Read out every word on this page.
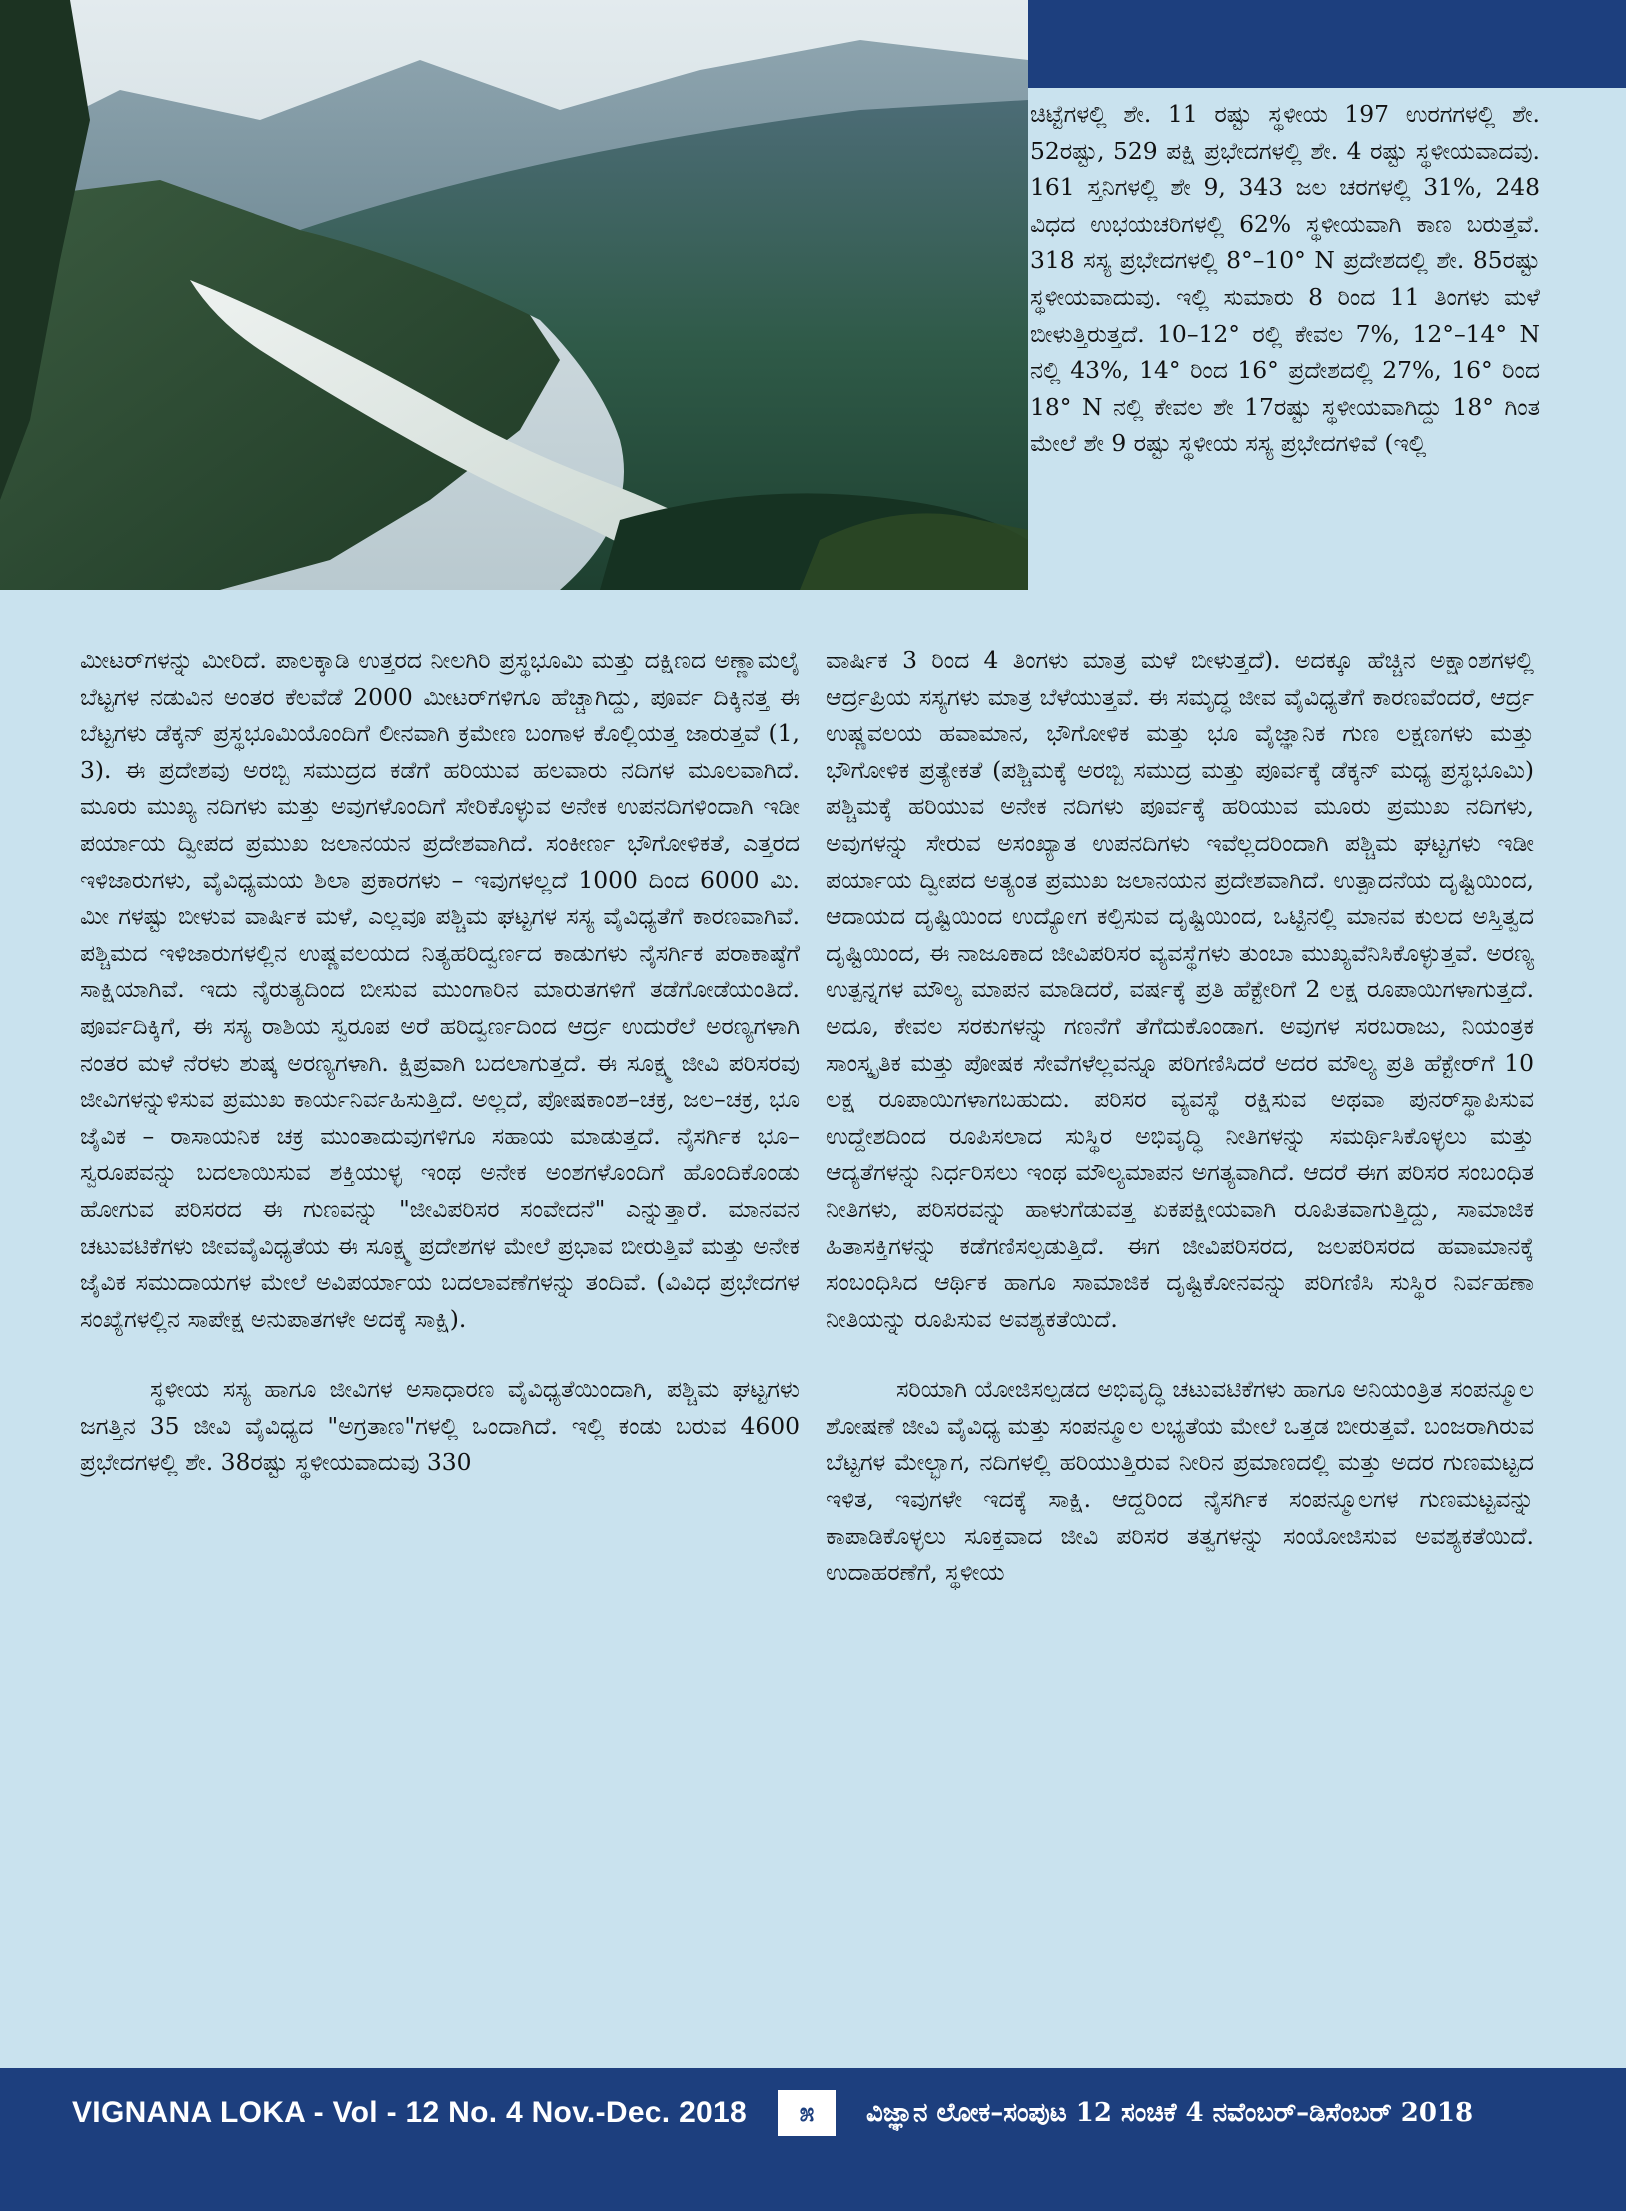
ಚಿಟ್ಟೆಗಳಲ್ಲಿ ಶೇ. 11 ರಷ್ಟು ಸ್ಥಳೀಯ 197 ಉರಗಗಳಲ್ಲಿ ಶೇ. 52ರಷ್ಟು, 529 ಪಕ್ಷಿ ಪ್ರಭೇದಗಳಲ್ಲಿ ಶೇ. 4 ರಷ್ಟು ಸ್ಥಳೀಯವಾದವು. 161 ಸ್ತನಿಗಳಲ್ಲಿ ಶೇ 9, 343 ಜಲ ಚರಗಳಲ್ಲಿ 31%, 248 ವಿಧದ ಉಭಯಚರಿಗಳಲ್ಲಿ 62% ಸ್ಥಳೀಯವಾಗಿ ಕಾಣ ಬರುತ್ತವೆ. 318 ಸಸ್ಯ ಪ್ರಭೇದಗಳಲ್ಲಿ 8°–10° N ಪ್ರದೇಶದಲ್ಲಿ ಶೇ. 85ರಷ್ಟು ಸ್ಥಳೀಯವಾದುವು. ಇಲ್ಲಿ ಸುಮಾರು 8 ರಿಂದ 11 ತಿಂಗಳು ಮಳೆ ಬೀಳುತ್ತಿರುತ್ತದೆ. 10–12° ರಲ್ಲಿ ಕೇವಲ 7%, 12°–14° N ನಲ್ಲಿ 43%, 14° ರಿಂದ 16° ಪ್ರದೇಶದಲ್ಲಿ 27%, 16° ರಿಂದ 18° N ನಲ್ಲಿ ಕೇವಲ ಶೇ 17ರಷ್ಟು ಸ್ಥಳೀಯವಾಗಿದ್ದು 18° ಗಿಂತ ಮೇಲೆ ಶೇ 9 ರಷ್ಟು ಸ್ಥಳೀಯ ಸಸ್ಯ ಪ್ರಭೇದಗಳಿವೆ (ಇಲ್ಲಿ

ಮೀಟರ್‌ಗಳನ್ನು ಮೀರಿದೆ. ಪಾಲಕ್ಕಾಡಿ ಉತ್ತರದ ನೀಲಗಿರಿ ಪ್ರಸ್ಥಭೂಮಿ ಮತ್ತು ದಕ್ಷಿಣದ ಅಣ್ಣಾಮಲೈ ಬೆಟ್ಟಗಳ ನಡುವಿನ ಅಂತರ ಕೆಲವೆಡೆ 2000 ಮೀಟರ್‌ಗಳಿಗೂ ಹೆಚ್ಚಾಗಿದ್ದು, ಪೂರ್ವ ದಿಕ್ಕಿನತ್ತ ಈ ಬೆಟ್ಟಗಳು ಡೆಕ್ಕನ್ ಪ್ರಸ್ಥಭೂಮಿಯೊಂದಿಗೆ ಲೀನವಾಗಿ ಕ್ರಮೇಣ ಬಂಗಾಳ ಕೊಲ್ಲಿಯತ್ತ ಜಾರುತ್ತವೆ (1, 3). ಈ ಪ್ರದೇಶವು ಅರಬ್ಬಿ ಸಮುದ್ರದ ಕಡೆಗೆ ಹರಿಯುವ ಹಲವಾರು ನದಿಗಳ ಮೂಲವಾಗಿದೆ. ಮೂರು ಮುಖ್ಯ ನದಿಗಳು ಮತ್ತು ಅವುಗಳೊಂದಿಗೆ ಸೇರಿಕೊಳ್ಳುವ ಅನೇಕ ಉಪನದಿಗಳಿಂದಾಗಿ ಇಡೀ ಪರ್ಯಾಯ ದ್ವೀಪದ ಪ್ರಮುಖ ಜಲಾನಯನ ಪ್ರದೇಶವಾಗಿದೆ. ಸಂಕೀರ್ಣ ಭೌಗೋಳಿಕತೆ, ಎತ್ತರದ ಇಳಿಜಾರುಗಳು, ವೈವಿಧ್ಯಮಯ ಶಿಲಾ ಪ್ರಕಾರಗಳು – ಇವುಗಳಲ್ಲದೆ 1000 ದಿಂದ 6000 ಮಿ. ಮೀ ಗಳಷ್ಟು ಬೀಳುವ ವಾರ್ಷಿಕ ಮಳೆ, ಎಲ್ಲವೂ ಪಶ್ಚಿಮ ಘಟ್ಟಗಳ ಸಸ್ಯ ವೈವಿಧ್ಯತೆಗೆ ಕಾರಣವಾಗಿವೆ. ಪಶ್ಚಿಮದ ಇಳಿಜಾರುಗಳಲ್ಲಿನ ಉಷ್ಣವಲಯದ ನಿತ್ಯಹರಿದ್ವರ್ಣದ ಕಾಡುಗಳು ನೈಸರ್ಗಿಕ ಪರಾಕಾಷ್ಠೆಗೆ ಸಾಕ್ಷಿಯಾಗಿವೆ. ಇದು ನೈರುತ್ಯದಿಂದ ಬೀಸುವ ಮುಂಗಾರಿನ ಮಾರುತಗಳಿಗೆ ತಡೆಗೋಡೆಯಂತಿದೆ. ಪೂರ್ವದಿಕ್ಕಿಗೆ, ಈ ಸಸ್ಯ ರಾಶಿಯ ಸ್ವರೂಪ ಅರೆ ಹರಿದ್ವರ್ಣದಿಂದ ಆರ್ದ್ರ ಉದುರೆಲೆ ಅರಣ್ಯಗಳಾಗಿ ನಂತರ ಮಳೆ ನೆರಳು ಶುಷ್ಕ ಅರಣ್ಯಗಳಾಗಿ. ಕ್ಷಿಪ್ರವಾಗಿ ಬದಲಾಗುತ್ತದೆ. ಈ ಸೂಕ್ಷ್ಮ ಜೀವಿ ಪರಿಸರವು ಜೀವಿಗಳನ್ನುಳಿಸುವ ಪ್ರಮುಖ ಕಾರ್ಯನಿರ್ವಹಿಸುತ್ತಿದೆ. ಅಲ್ಲದೆ, ಪೋಷಕಾಂಶ–ಚಕ್ರ, ಜಲ–ಚಕ್ರ, ಭೂ ಜೈವಿಕ – ರಾಸಾಯನಿಕ ಚಕ್ರ ಮುಂತಾದುವುಗಳಿಗೂ ಸಹಾಯ ಮಾಡುತ್ತದೆ. ನೈಸರ್ಗಿಕ ಭೂ–ಸ್ವರೂಪವನ್ನು ಬದಲಾಯಿಸುವ ಶಕ್ತಿಯುಳ್ಳ ಇಂಥ ಅನೇಕ ಅಂಶಗಳೊಂದಿಗೆ ಹೊಂದಿಕೊಂಡು ಹೋಗುವ ಪರಿಸರದ ಈ ಗುಣವನ್ನು "ಜೀವಿಪರಿಸರ ಸಂವೇದನೆ" ಎನ್ನುತ್ತಾರೆ. ಮಾನವನ ಚಟುವಟಿಕೆಗಳು ಜೀವವೈವಿಧ್ಯತೆಯ ಈ ಸೂಕ್ಷ್ಮ ಪ್ರದೇಶಗಳ ಮೇಲೆ ಪ್ರಭಾವ ಬೀರುತ್ತಿವೆ ಮತ್ತು ಅನೇಕ ಜೈವಿಕ ಸಮುದಾಯಗಳ ಮೇಲೆ ಅವಿಪರ್ಯಾಯ ಬದಲಾವಣೆಗಳನ್ನು ತಂದಿವೆ. (ವಿವಿಧ ಪ್ರಭೇದಗಳ ಸಂಖ್ಯೆಗಳಲ್ಲಿನ ಸಾಪೇಕ್ಷ ಅನುಪಾತಗಳೇ ಅದಕ್ಕೆ ಸಾಕ್ಷಿ).

ಸ್ಥಳೀಯ ಸಸ್ಯ ಹಾಗೂ ಜೀವಿಗಳ ಅಸಾಧಾರಣ ವೈವಿಧ್ಯತೆಯಿಂದಾಗಿ, ಪಶ್ಚಿಮ ಘಟ್ಟಗಳು ಜಗತ್ತಿನ 35 ಜೀವಿ ವೈವಿಧ್ಯದ "ಅಗ್ರತಾಣ"ಗಳಲ್ಲಿ ಒಂದಾಗಿದೆ. ಇಲ್ಲಿ ಕಂಡು ಬರುವ 4600 ಪ್ರಭೇದಗಳಲ್ಲಿ ಶೇ. 38ರಷ್ಟು ಸ್ಥಳೀಯವಾದುವು 330

ವಾರ್ಷಿಕ 3 ರಿಂದ 4 ತಿಂಗಳು ಮಾತ್ರ ಮಳೆ ಬೀಳುತ್ತದೆ). ಅದಕ್ಕೂ ಹೆಚ್ಚಿನ ಅಕ್ಷಾಂಶಗಳಲ್ಲಿ ಆರ್ದ್ರಪ್ರಿಯ ಸಸ್ಯಗಳು ಮಾತ್ರ ಬೆಳೆಯುತ್ತವೆ. ಈ ಸಮೃದ್ಧ ಜೀವ ವೈವಿಧ್ಯತೆಗೆ ಕಾರಣವೆಂದರೆ, ಆರ್ದ್ರ ಉಷ್ಣವಲಯ ಹವಾಮಾನ, ಭೌಗೋಳಿಕ ಮತ್ತು ಭೂ ವೈಜ್ಞಾನಿಕ ಗುಣ ಲಕ್ಷಣಗಳು ಮತ್ತು ಭೌಗೋಳಿಕ ಪ್ರತ್ಯೇಕತೆ (ಪಶ್ಚಿಮಕ್ಕೆ ಅರಬ್ಬಿ ಸಮುದ್ರ ಮತ್ತು ಪೂರ್ವಕ್ಕೆ ಡೆಕ್ಕನ್ ಮಧ್ಯ ಪ್ರಸ್ಥಭೂಮಿ) ಪಶ್ಚಿಮಕ್ಕೆ ಹರಿಯುವ ಅನೇಕ ನದಿಗಳು ಪೂರ್ವಕ್ಕೆ ಹರಿಯುವ ಮೂರು ಪ್ರಮುಖ ನದಿಗಳು, ಅವುಗಳನ್ನು ಸೇರುವ ಅಸಂಖ್ಯಾತ ಉಪನದಿಗಳು ಇವೆಲ್ಲದರಿಂದಾಗಿ ಪಶ್ಚಿಮ ಘಟ್ಟಗಳು ಇಡೀ ಪರ್ಯಾಯ ದ್ವೀಪದ ಅತ್ಯಂತ ಪ್ರಮುಖ ಜಲಾನಯನ ಪ್ರದೇಶವಾಗಿದೆ. ಉತ್ಪಾದನೆಯ ದೃಷ್ಟಿಯಿಂದ, ಆದಾಯದ ದೃಷ್ಟಿಯಿಂದ ಉದ್ಯೋಗ ಕಲ್ಪಿಸುವ ದೃಷ್ಟಿಯಿಂದ, ಒಟ್ಟಿನಲ್ಲಿ ಮಾನವ ಕುಲದ ಅಸ್ತಿತ್ವದ ದೃಷ್ಟಿಯಿಂದ, ಈ ನಾಜೂಕಾದ ಜೀವಿಪರಿಸರ ವ್ಯವಸ್ಥೆಗಳು ತುಂಬಾ ಮುಖ್ಯವೆನಿಸಿಕೊಳ್ಳುತ್ತವೆ. ಅರಣ್ಯ ಉತ್ಪನ್ನಗಳ ಮೌಲ್ಯ ಮಾಪನ ಮಾಡಿದರೆ, ವರ್ಷಕ್ಕೆ ಪ್ರತಿ ಹೆಕ್ಟೇರಿಗೆ 2 ಲಕ್ಷ ರೂಪಾಯಿಗಳಾಗುತ್ತದೆ. ಅದೂ, ಕೇವಲ ಸರಕುಗಳನ್ನು ಗಣನೆಗೆ ತೆಗೆದುಕೊಂಡಾಗ. ಅವುಗಳ ಸರಬರಾಜು, ನಿಯಂತ್ರಕ ಸಾಂಸ್ಕೃತಿಕ ಮತ್ತು ಪೋಷಕ ಸೇವೆಗಳೆಲ್ಲವನ್ನೂ ಪರಿಗಣಿಸಿದರೆ ಅದರ ಮೌಲ್ಯ ಪ್ರತಿ ಹೆಕ್ಟೇರ್‌ಗೆ 10 ಲಕ್ಷ ರೂಪಾಯಿಗಳಾಗಬಹುದು. ಪರಿಸರ ವ್ಯವಸ್ಥೆ ರಕ್ಷಿಸುವ ಅಥವಾ ಪುನರ್‌ಸ್ಥಾಪಿಸುವ ಉದ್ದೇಶದಿಂದ ರೂಪಿಸಲಾದ ಸುಸ್ಥಿರ ಅಭಿವೃದ್ಧಿ ನೀತಿಗಳನ್ನು ಸಮರ್ಥಿಸಿಕೊಳ್ಳಲು ಮತ್ತು ಆದ್ಯತೆಗಳನ್ನು ನಿರ್ಧರಿಸಲು ಇಂಥ ಮೌಲ್ಯಮಾಪನ ಅಗತ್ಯವಾಗಿದೆ. ಆದರೆ ಈಗ ಪರಿಸರ ಸಂಬಂಧಿತ ನೀತಿಗಳು, ಪರಿಸರವನ್ನು ಹಾಳುಗೆಡುವತ್ತ ಏಕಪಕ್ಷೀಯವಾಗಿ ರೂಪಿತವಾಗುತ್ತಿದ್ದು, ಸಾಮಾಜಿಕ ಹಿತಾಸಕ್ತಿಗಳನ್ನು ಕಡೆಗಣಿಸಲ್ಪಡುತ್ತಿದೆ. ಈಗ ಜೀವಿಪರಿಸರದ, ಜಲಪರಿಸರದ ಹವಾಮಾನಕ್ಕೆ ಸಂಬಂಧಿಸಿದ ಆರ್ಥಿಕ ಹಾಗೂ ಸಾಮಾಜಿಕ ದೃಷ್ಟಿಕೋನವನ್ನು ಪರಿಗಣಿಸಿ ಸುಸ್ಥಿರ ನಿರ್ವಹಣಾ ನೀತಿಯನ್ನು ರೂಪಿಸುವ ಅವಶ್ಯಕತೆಯಿದೆ.

ಸರಿಯಾಗಿ ಯೋಜಿಸಲ್ಪಡದ ಅಭಿವೃದ್ಧಿ ಚಟುವಟಿಕೆಗಳು ಹಾಗೂ ಅನಿಯಂತ್ರಿತ ಸಂಪನ್ಮೂಲ ಶೋಷಣೆ ಜೀವಿ ವೈವಿಧ್ಯ ಮತ್ತು ಸಂಪನ್ಮೂಲ ಲಭ್ಯತೆಯ ಮೇಲೆ ಒತ್ತಡ ಬೀರುತ್ತವೆ. ಬಂಜರಾಗಿರುವ ಬೆಟ್ಟಗಳ ಮೇಲ್ಭಾಗ, ನದಿಗಳಲ್ಲಿ ಹರಿಯುತ್ತಿರುವ ನೀರಿನ ಪ್ರಮಾಣದಲ್ಲಿ ಮತ್ತು ಅದರ ಗುಣಮಟ್ಟದ ಇಳಿತ, ಇವುಗಳೇ ಇದಕ್ಕೆ ಸಾಕ್ಷಿ. ಆದ್ದರಿಂದ ನೈಸರ್ಗಿಕ ಸಂಪನ್ಮೂಲಗಳ ಗುಣಮಟ್ಟವನ್ನು ಕಾಪಾಡಿಕೊಳ್ಳಲು ಸೂಕ್ತವಾದ ಜೀವಿ ಪರಿಸರ ತತ್ವಗಳನ್ನು ಸಂಯೋಜಿಸುವ ಅವಶ್ಯಕತೆಯಿದೆ. ಉದಾಹರಣೆಗೆ, ಸ್ಥಳೀಯ

VIGNANA LOKA - Vol - 12 No. 4 Nov.-Dec. 2018	೫	ವಿಜ್ಞಾನ ಲೋಕ–ಸಂಪುಟ 12 ಸಂಚಿಕೆ 4 ನವೆಂಬರ್–ಡಿಸೆಂಬರ್ 2018
